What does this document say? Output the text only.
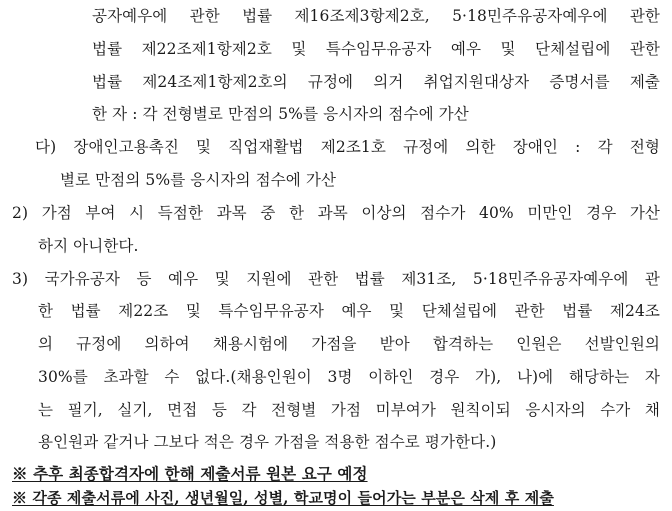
공자예우에 관한 법률 제16조제3항제2호, 5·18민주유공자예우에 관한
법률 제22조제1항제2호 및 특수임무유공자 예우 및 단체설립에 관한
법률 제24조제1항제2호의 규정에 의거 취업지원대상자 증명서를 제출
한 자 : 각 전형별로 만점의 5%를 응시자의 점수에 가산
다) 장애인고용촉진 및 직업재활법 제2조1호 규정에 의한 장애인 : 각 전형
별로 만점의 5%를 응시자의 점수에 가산
2) 가점 부여 시 득점한 과목 중 한 과목 이상의 점수가 40% 미만인 경우 가산
하지 아니한다.
3) 국가유공자 등 예우 및 지원에 관한 법률 제31조, 5·18민주유공자예우에 관
한 법률 제22조 및 특수임무유공자 예우 및 단체설립에 관한 법률 제24조
의 규정에 의하여 채용시험에 가점을 받아 합격하는 인원은 선발인원의
30%를 초과할 수 없다.(채용인원이 3명 이하인 경우 가), 나)에 해당하는 자
는 필기, 실기, 면접 등 각 전형별 가점 미부여가 원칙이되 응시자의 수가 채
용인원과 같거나 그보다 적은 경우 가점을 적용한 점수로 평가한다.)
※ 추후 최종합격자에 한해 제출서류 원본 요구 예정
※ 각종 제출서류에 사진, 생년월일, 성별, 학교명이 들어가는 부분은 삭제 후 제출
